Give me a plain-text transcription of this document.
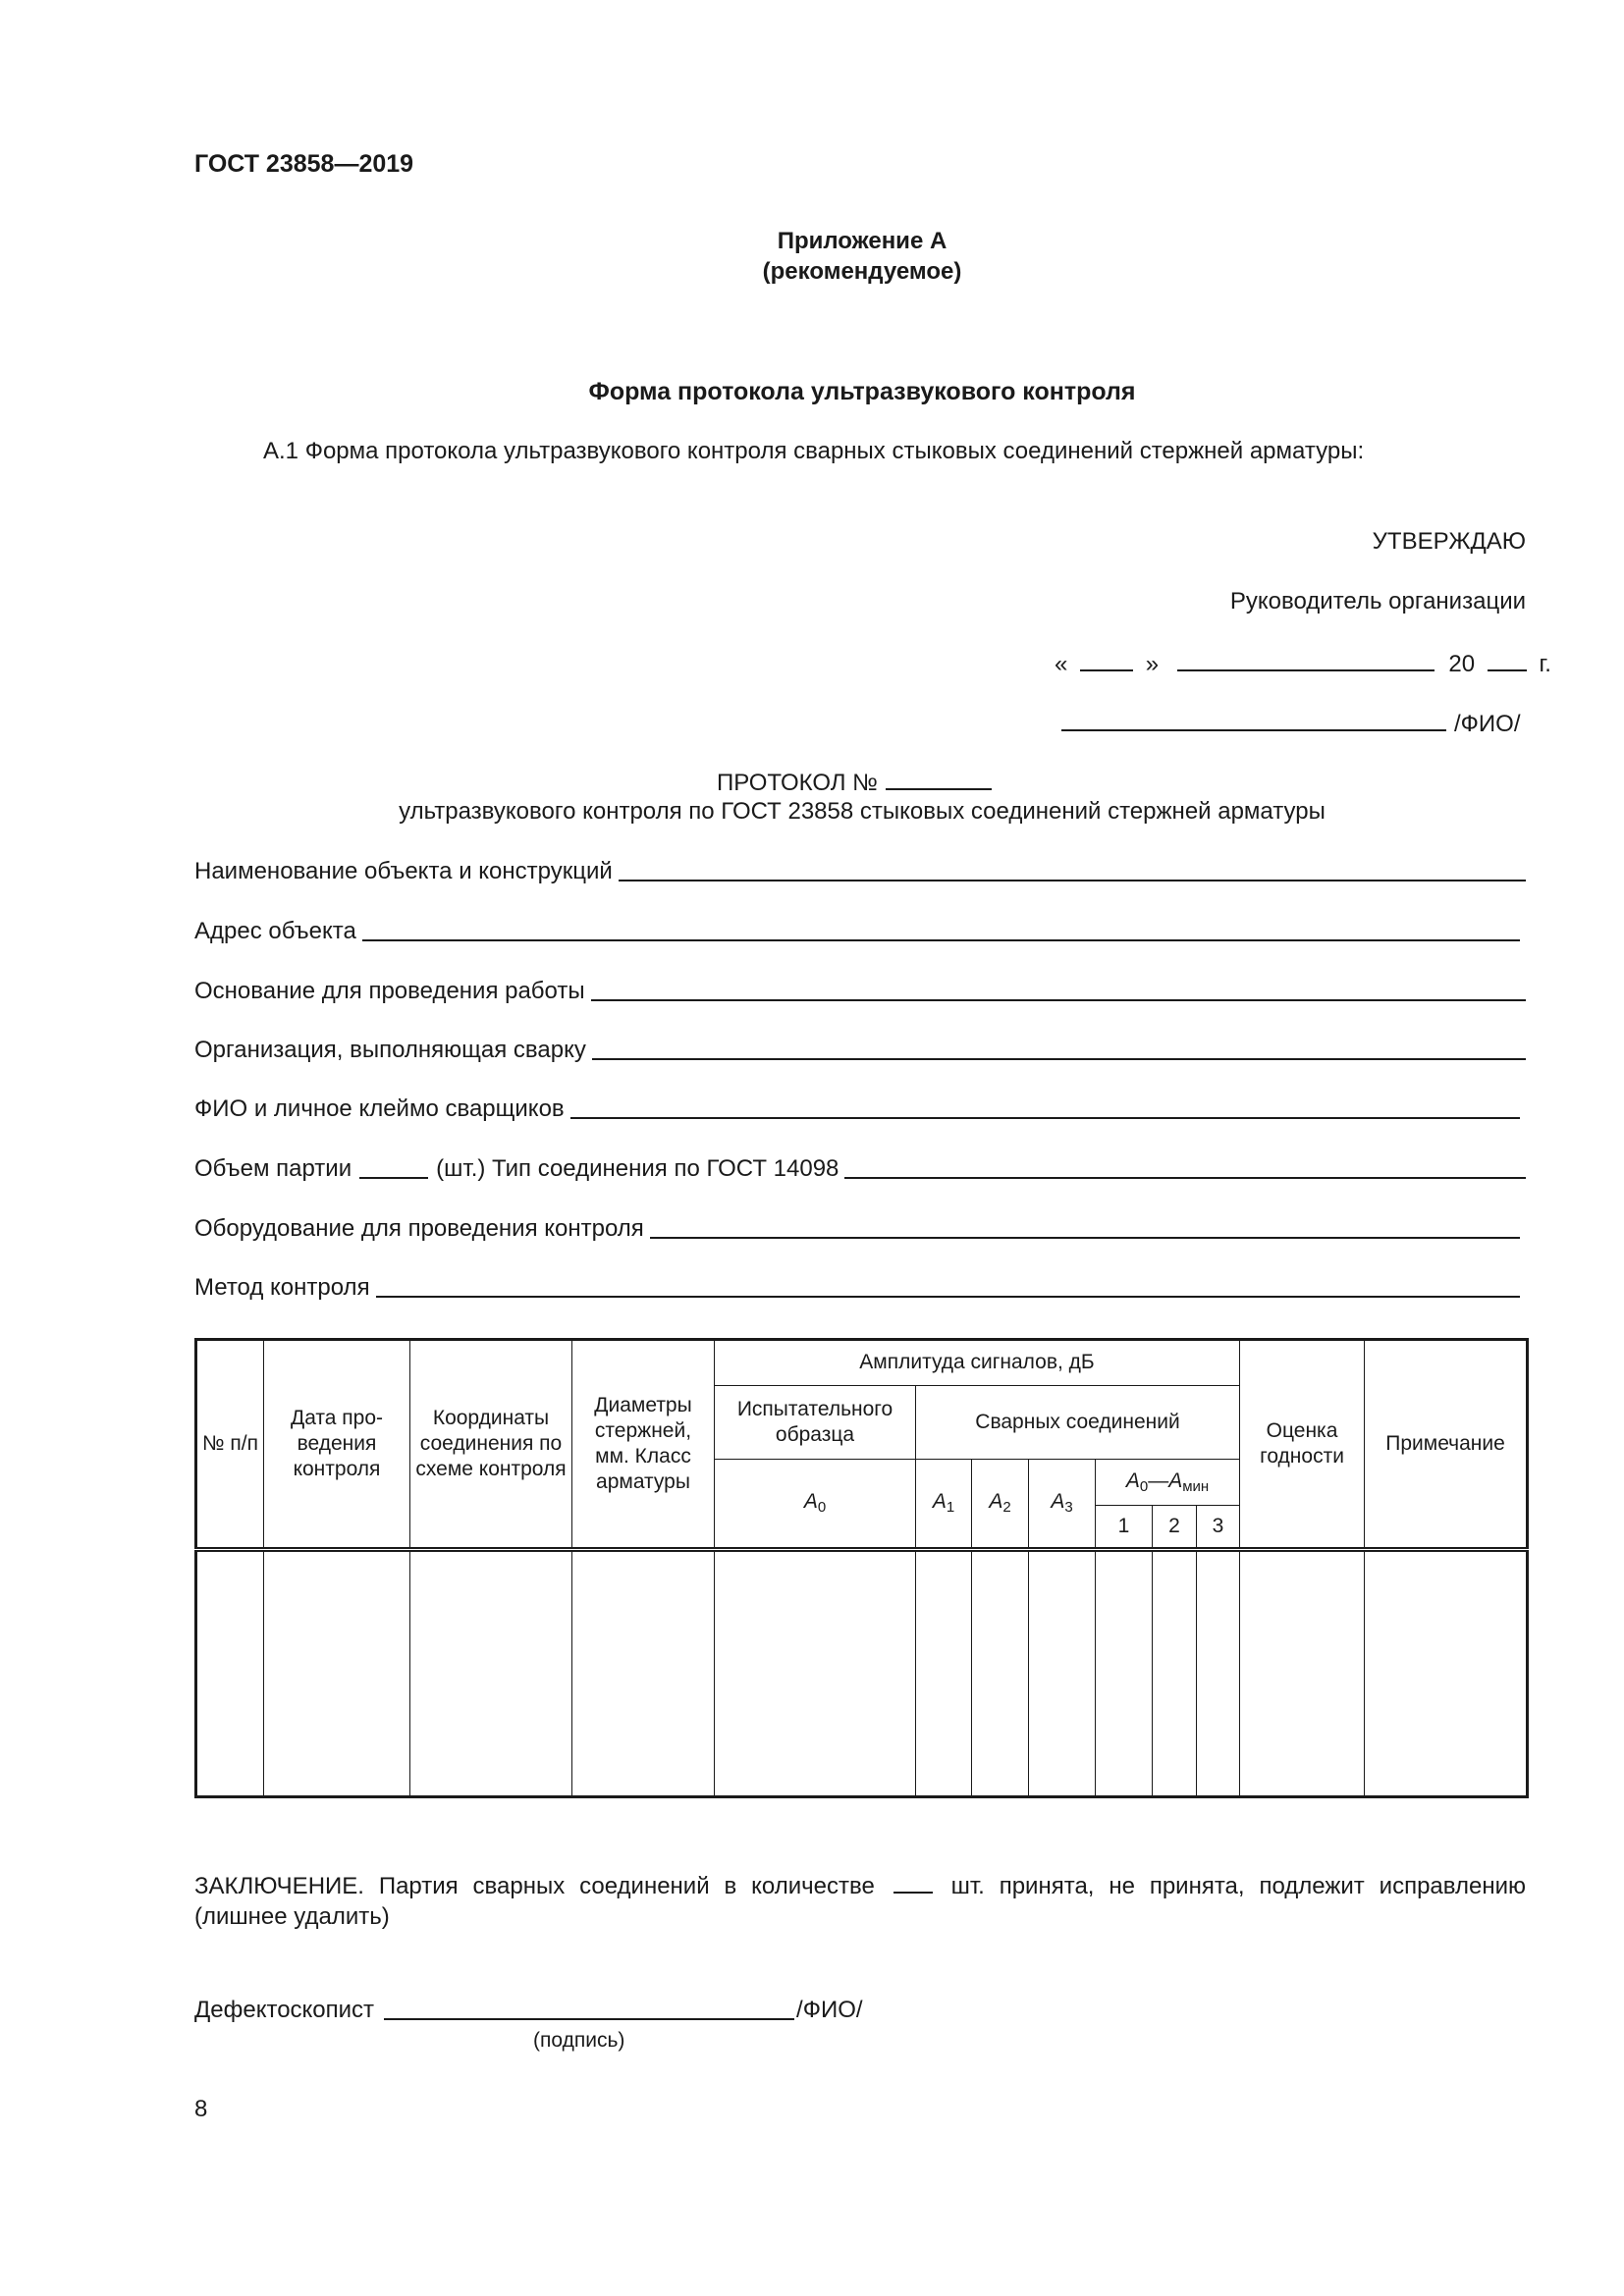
ГОСТ 23858—2019
Приложение А
(рекомендуемое)
Форма протокола ультразвукового контроля
А.1 Форма протокола ультразвукового контроля сварных стыковых соединений стержней арматуры:
УТВЕРЖДАЮ
Руководитель организации
«	»	20	г.
/ФИО/
ПРОТОКОЛ №
ультразвукового контроля по ГОСТ 23858 стыковых соединений стержней арматуры
Наименование объекта и конструкций
Адрес объекта
Основание для проведения работы
Организация, выполняющая сварку
ФИО и личное клеймо сварщиков
Объем партии	(шт.) Тип соединения по ГОСТ 14098
Оборудование для проведения контроля
Метод контроля
№ п/п	Дата про-ведения контроля	Координаты соединения по схеме контроля	Диаметры стержней, мм. Класс арматуры	Амплитуда сигналов, дБ							Оценка годности	Примечание
				Испытательного образца	Сварных соединений							
				$A_0$	$A_1$	$A_2$	$A_3$	$A_0—A_{мин}$
								1	2	3		

ЗАКЛЮЧЕНИЕ. Партия сварных соединений в количестве	шт. принята, не принята, подлежит исправлению (лишнее удалить)
Дефектоскопист	/ФИО/
(подпись)
8
